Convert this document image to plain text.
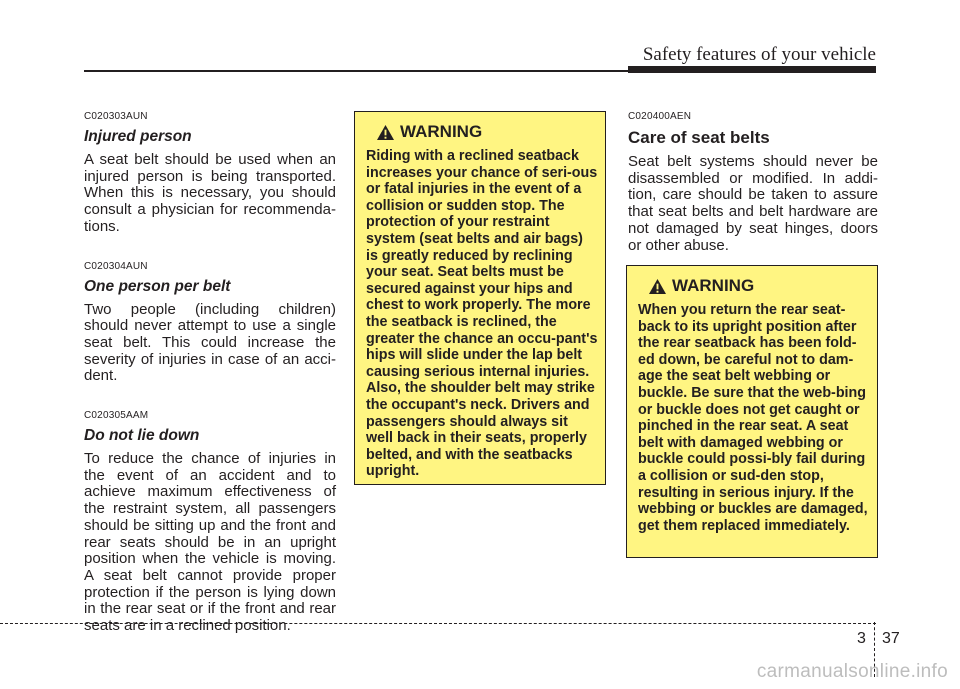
Safety features of your vehicle

C020303AUN

Injured person

A seat belt should be used when an injured person is being transported. When this is necessary, you should consult a physician for recommenda-tions.

C020304AUN

One person per belt

Two people (including children) should never attempt to use a single seat belt. This could increase the severity of injuries in case of an acci-dent.

C020305AAM

Do not lie down

To reduce the chance of injuries in the event of an accident and to achieve maximum effectiveness of the restraint system, all passengers should be sitting up and the front and rear seats should be in an upright position when the vehicle is moving. A seat belt cannot provide proper protection if the person is lying down in the rear seat or if the front and rear seats are in a reclined position.

WARNING

Riding with a reclined seatback increases your chance of seri-ous or fatal injuries in the event of a collision or sudden stop. The protection of your restraint system (seat belts and air bags) is greatly reduced by reclining your seat. Seat belts must be secured against your hips and chest to work properly. The more the seatback is reclined, the greater the chance an occu-pant's hips will slide under the lap belt causing serious internal injuries. Also, the shoulder belt may strike the occupant's neck. Drivers and passengers should always sit well back in their seats, properly belted, and with the seatbacks upright.

C020400AEN

Care of seat belts

Seat belt systems should never be disassembled or modified. In addi-tion, care should be taken to assure that seat belts and belt hardware are not damaged by seat hinges, doors or other abuse.

WARNING

When you return the rear seat-back to its upright position after the rear seatback has been fold-ed down, be careful not to dam-age the seat belt webbing or buckle. Be sure that the web-bing or buckle does not get caught or pinched in the rear seat. A seat belt with damaged webbing or buckle could possi-bly fail during a collision or sud-den stop, resulting in serious injury. If the webbing or buckles are damaged, get them replaced immediately.

3 37
carmanualsonline.info
